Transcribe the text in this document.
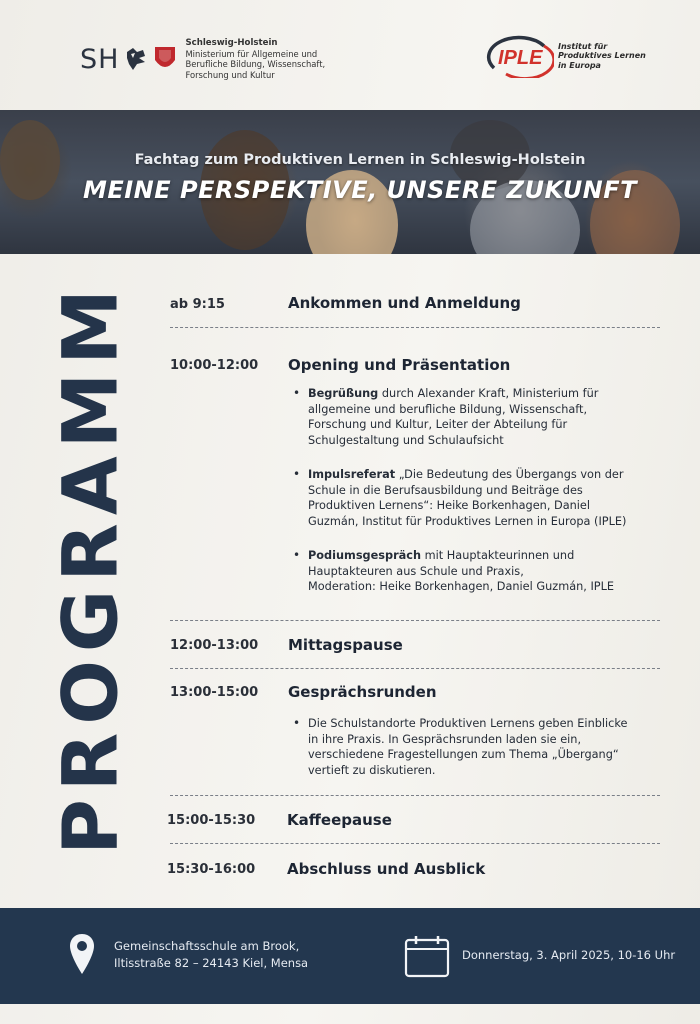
SH
Schleswig-Holstein
Ministerium für Allgemeine und
Berufliche Bildung, Wissenschaft,
Forschung und Kultur
IPLE
Institut für
Produktives Lernen
in Europa
Fachtag zum Produktiven Lernen in Schleswig-Holstein
MEINE PERSPEKTIVE, UNSERE ZUKUNFT
PROGRAMM	ab 9:15	Ankommen und Anmeldung
10:00-12:00 Opening und Präsentation
• Begrüßung durch Alexander Kraft, Ministerium für
allgemeine und berufliche Bildung, Wissenschaft,
Forschung und Kultur, Leiter der Abteilung für
Schulgestaltung und Schulaufsicht
• Impulsreferat „Die Bedeutung des Übergangs von der
Schule in die Berufsausbildung und Beiträge des
Produktiven Lernens“: Heike Borkenhagen, Daniel
Guzmán, Institut für Produktives Lernen in Europa (IPLE)
• Podiumsgespräch mit Hauptakteurinnen und
Hauptakteuren aus Schule und Praxis,
Moderation: Heike Borkenhagen, Daniel Guzmán, IPLE
12:00-13:00 Mittagspause
13:00-15:00 Gesprächsrunden
• Die Schulstandorte Produktiven Lernens geben Einblicke
in ihre Praxis. In Gesprächsrunden laden sie ein,
verschiedene Fragestellungen zum Thema „Übergang“
vertieft zu diskutieren.
15:00-15:30 Kaffeepause
15:30-16:00 Abschluss und Ausblick
Gemeinschaftsschule am Brook,
Iltisstraße 82 – 24143 Kiel, Mensa
Donnerstag, 3. April 2025, 10-16 Uhr
